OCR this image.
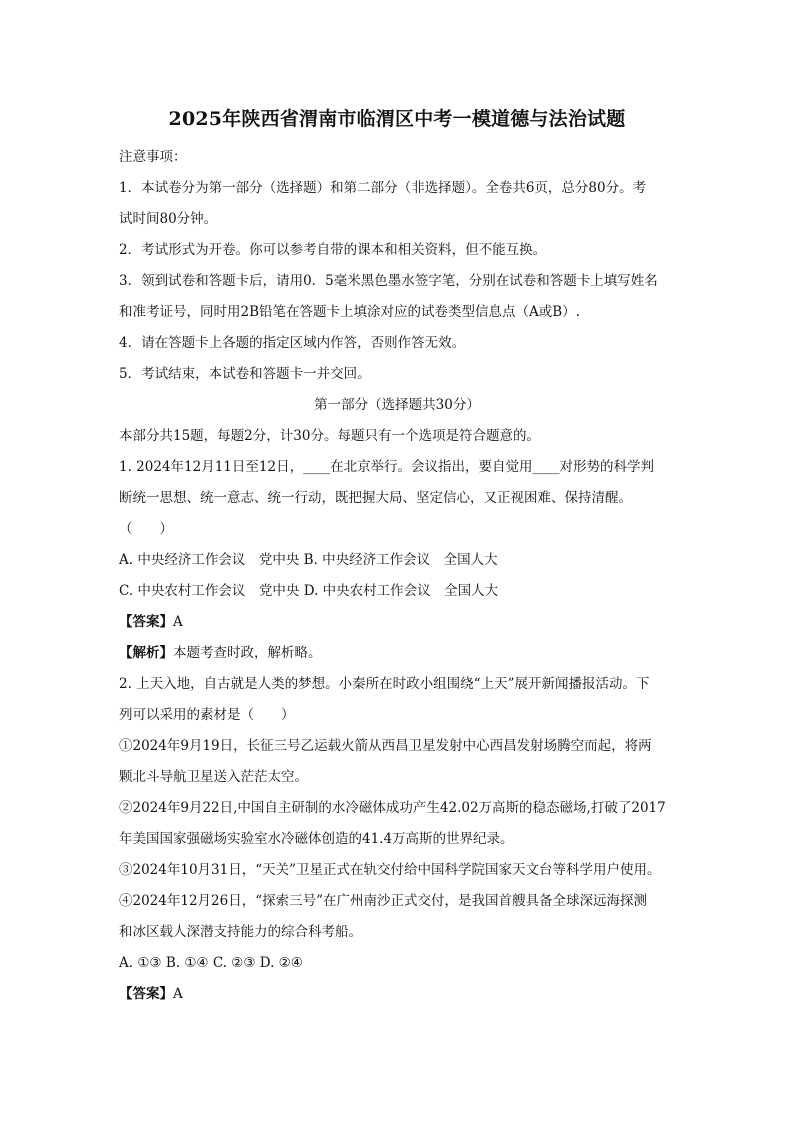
2025年陕西省渭南市临渭区中考一模道德与法治试题
注意事项：
1．本试卷分为第一部分（选择题）和第二部分（非选择题）。全卷共6页，总分80分。考
试时间80分钟。
2．考试形式为开卷。你可以参考自带的课本和相关资料，但不能互换。
3．领到试卷和答题卡后，请用0．5毫米黑色墨水签字笔，分别在试卷和答题卡上填写姓名
和准考证号，同时用2B铅笔在答题卡上填涂对应的试卷类型信息点（A或B）.
4．请在答题卡上各题的指定区域内作答，否则作答无效。
5．考试结束，本试卷和答题卡一并交回。
第一部分（选择题共30分）
本部分共15题，每题2分，计30分。每题只有一个选项是符合题意的。
1. 2024年12月11日至12日，____在北京举行。会议指出，要自觉用____对形势的科学判
断统一思想、统一意志、统一行动，既把握大局、坚定信心，又正视困难、保持清醒。
（　　）
A. 中央经济工作会议　党中央 B. 中央经济工作会议　全国人大
C. 中央农村工作会议　党中央 D. 中央农村工作会议　全国人大
【答案】A
【解析】本题考查时政，解析略。
2. 上天入地，自古就是人类的梦想。小秦所在时政小组围绕“上天”展开新闻播报活动。下
列可以采用的素材是（　　）
①2024年9月19日，长征三号乙运载火箭从西昌卫星发射中心西昌发射场腾空而起，将两
颗北斗导航卫星送入茫茫太空。
②2024年9月22日,中国自主研制的水冷磁体成功产生42.02万高斯的稳态磁场,打破了2017
年美国国家强磁场实验室水冷磁体创造的41.4万高斯的世界纪录。
③2024年10月31日，“天关”卫星正式在轨交付给中国科学院国家天文台等科学用户使用。
④2024年12月26日，“探索三号”在广州南沙正式交付，是我国首艘具备全球深远海探测
和冰区载人深潜支持能力的综合科考船。
A. ①③ B. ①④ C. ②③ D. ②④
【答案】A
